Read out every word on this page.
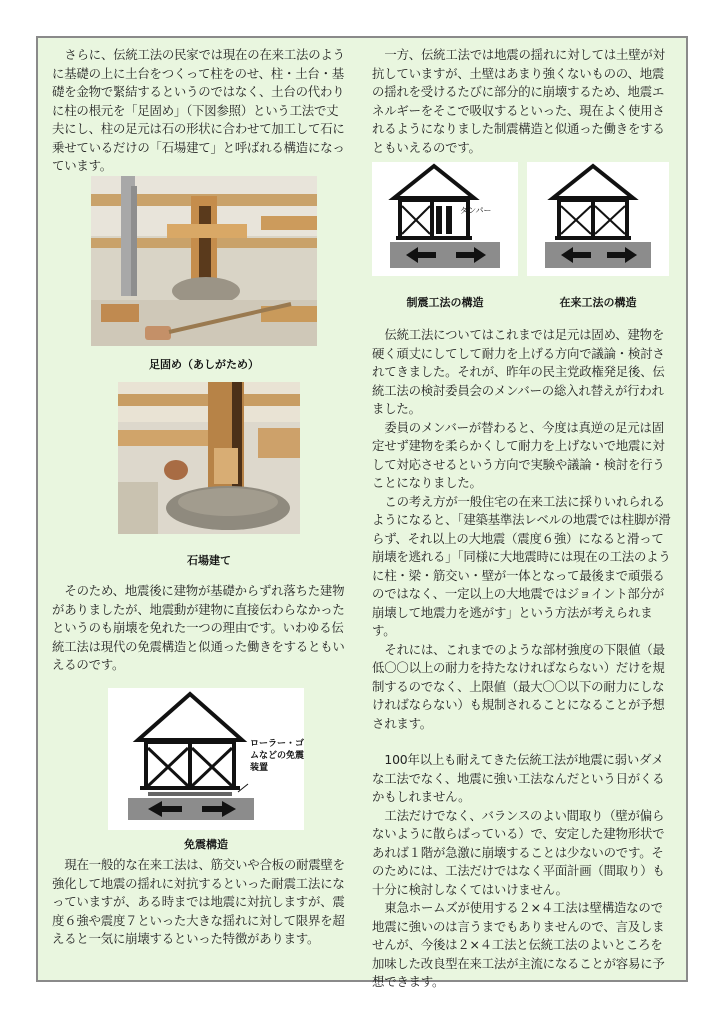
さらに、伝統工法の民家では現在の在来工法のように基礎の上に土台をつくって柱をのせ、柱・土台・基礎を金物で緊結するというのではなく、土台の代わりに柱の根元を「足固め」（下図参照）という工法で丈夫にし、柱の足元は石の形状に合わせて加工して石に乗せているだけの「石場建て」と呼ばれる構造になっています。

足固め（あしがため）
石場建て

そのため、地震後に建物が基礎からずれ落ちた建物がありましたが、地震動が建物に直接伝わらなかったというのも崩壊を免れた一つの理由です。いわゆる伝統工法は現代の免震構造と似通った働きをするともいえるのです。

ローラー・ゴムなどの免震装置
免震構造

現在一般的な在来工法は、筋交いや合板の耐震壁を強化して地震の揺れに対抗するといった耐震工法になっていますが、ある時までは地震に対抗しますが、震度６強や震度７といった大きな揺れに対して限界を超えると一気に崩壊するといった特徴があります。

一方、伝統工法では地震の揺れに対しては土壁が対抗していますが、土壁はあまり強くないものの、地震の揺れを受けるたびに部分的に崩壊するため、地震エネルギーをそこで吸収するといった、現在よく使用されるようになりました制震構造と似通った働きをするともいえるのです。

ダンパー
制震工法の構造	在来工法の構造

伝統工法についてはこれまでは足元は固め、建物を硬く頑丈にしてして耐力を上げる方向で議論・検討されてきました。それが、昨年の民主党政権発足後、伝統工法の検討委員会のメンバーの総入れ替えが行われました。

委員のメンバーが替わると、今度は真逆の足元は固定せず建物を柔らかくして耐力を上げないで地震に対して対応させるという方向で実験や議論・検討を行うことになりました。

この考え方が一般住宅の在来工法に採りいれられるようになると、「建築基準法レベルの地震では柱脚が滑らず、それ以上の大地震（震度６強）になると滑って崩壊を逃れる」「同様に大地震時には現在の工法のように柱・梁・筋交い・壁が一体となって最後まで頑張るのではなく、一定以上の大地震ではジョイント部分が崩壊して地震力を逃がす」という方法が考えられます。

それには、これまでのような部材強度の下限値（最低〇〇以上の耐力を持たなければならない）だけを規制するのでなく、上限値（最大〇〇以下の耐力にしなければならない）も規制されることになることが予想されます。

100年以上も耐えてきた伝統工法が地震に弱いダメな工法でなく、地震に強い工法なんだという日がくるかもしれません。

工法だけでなく、バランスのよい間取り（壁が偏らないように散らばっている）で、安定した建物形状であれば１階が急激に崩壊することは少ないのです。そのためには、工法だけではなく平面計画（間取り）も十分に検討しなくてはいけません。

東急ホームズが使用する２×４工法は壁構造なので地震に強いのは言うまでもありませんので、言及しませんが、今後は２×４工法と伝統工法のよいところを加味した改良型在来工法が主流になることが容易に予想できます。
